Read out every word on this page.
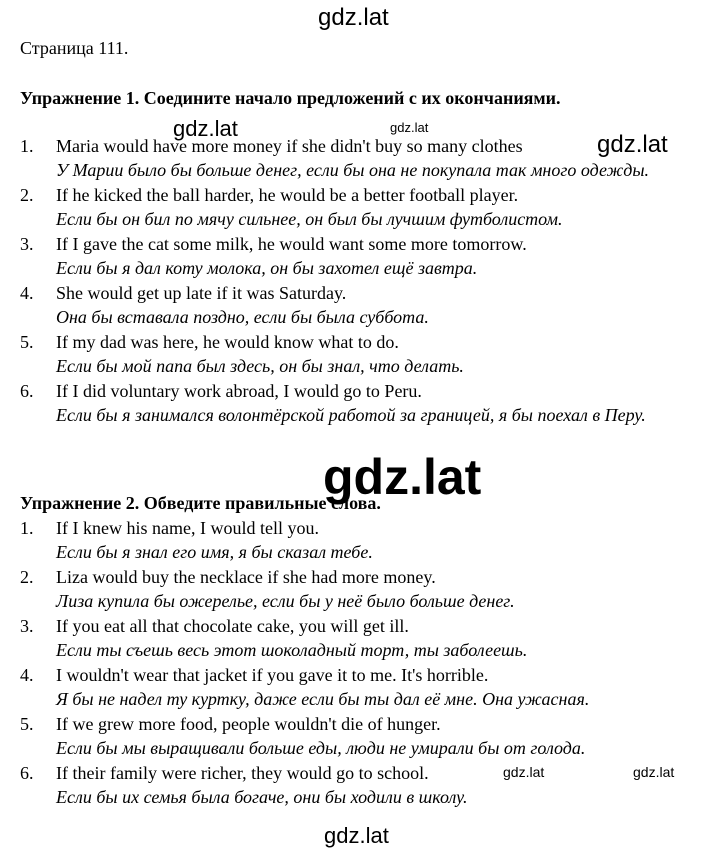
gdz.lat
Страница 111.
Упражнение 1. Соедините начало предложений с их окончаниями.
1. Maria would have more money if she didn't buy so many clothes
У Марии было бы больше денег, если бы она не покупала так много одежды.
2. If he kicked the ball harder, he would be a better football player.
Если бы он бил по мячу сильнее, он был бы лучшим футболистом.
3. If I gave the cat some milk, he would want some more tomorrow.
Если бы я дал коту молока, он бы захотел ещё завтра.
4. She would get up late if it was Saturday.
Она бы вставала поздно, если бы была суббота.
5. If my dad was here, he would know what to do.
Если бы мой папа был здесь, он бы знал, что делать.
6. If I did voluntary work abroad, I would go to Peru.
Если бы я занимался волонтёрской работой за границей, я бы поехал в Перу.
Упражнение 2. Обведите правильные слова.
1. If I knew his name, I would tell you.
Если бы я знал его имя, я бы сказал тебе.
2. Liza would buy the necklace if she had more money.
Лиза купила бы ожерелье, если бы у неё было больше денег.
3. If you eat all that chocolate cake, you will get ill.
Если ты съешь весь этот шоколадный торт, ты заболеешь.
4. I wouldn't wear that jacket if you gave it to me. It's horrible.
Я бы не надел ту куртку, даже если бы ты дал её мне. Она ужасная.
5. If we grew more food, people wouldn't die of hunger.
Если бы мы выращивали больше еды, люди не умирали бы от голода.
6. If their family were richer, they would go to school.
Если бы их семья была богаче, они бы ходили в школу.
gdz.lat	gdz.lat
gdz.lat
gdz.lat
gdz.lat	gdz.lat
gdz.lat
